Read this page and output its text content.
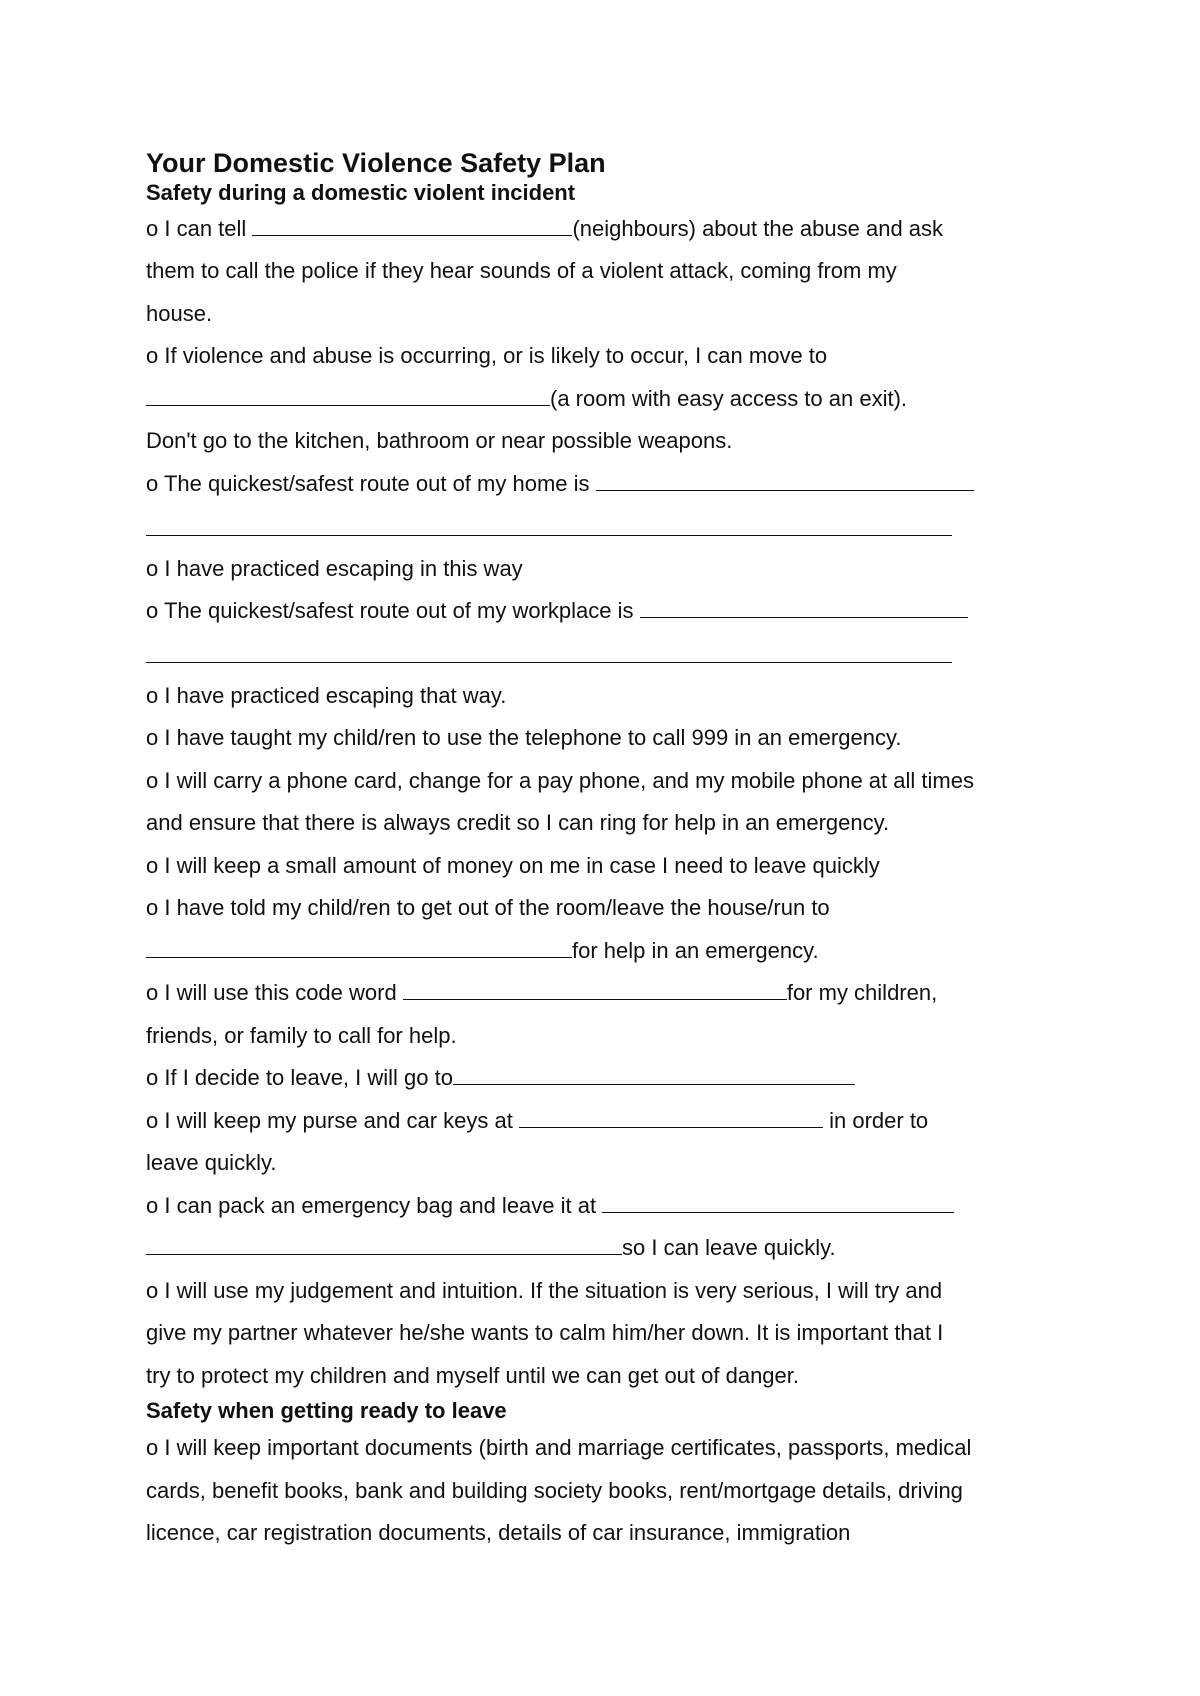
Your Domestic Violence Safety Plan
Safety during a domestic violent incident
o I can tell	(neighbours) about the abuse and ask
them to call the police if they hear sounds of a violent attack, coming from my
house.
o If violence and abuse is occurring, or is likely to occur, I can move to
(a room with easy access to an exit).
Don't go to the kitchen, bathroom or near possible weapons.
o The quickest/safest route out of my home is
o I have practiced escaping in this way
o The quickest/safest route out of my workplace is
o I have practiced escaping that way.
o I have taught my child/ren to use the telephone to call 999 in an emergency.
o I will carry a phone card, change for a pay phone, and my mobile phone at all times
and ensure that there is always credit so I can ring for help in an emergency.
o I will keep a small amount of money on me in case I need to leave quickly
o I have told my child/ren to get out of the room/leave the house/run to
for help in an emergency.
o I will use this code word	for my children,
friends, or family to call for help.
o If I decide to leave, I will go to
o I will keep my purse and car keys at	in order to
leave quickly.
o I can pack an emergency bag and leave it at
so I can leave quickly.
o I will use my judgement and intuition. If the situation is very serious, I will try and
give my partner whatever he/she wants to calm him/her down. It is important that I
try to protect my children and myself until we can get out of danger.
Safety when getting ready to leave
o I will keep important documents (birth and marriage certificates, passports, medical
cards, benefit books, bank and building society books, rent/mortgage details, driving
licence, car registration documents, details of car insurance, immigration
